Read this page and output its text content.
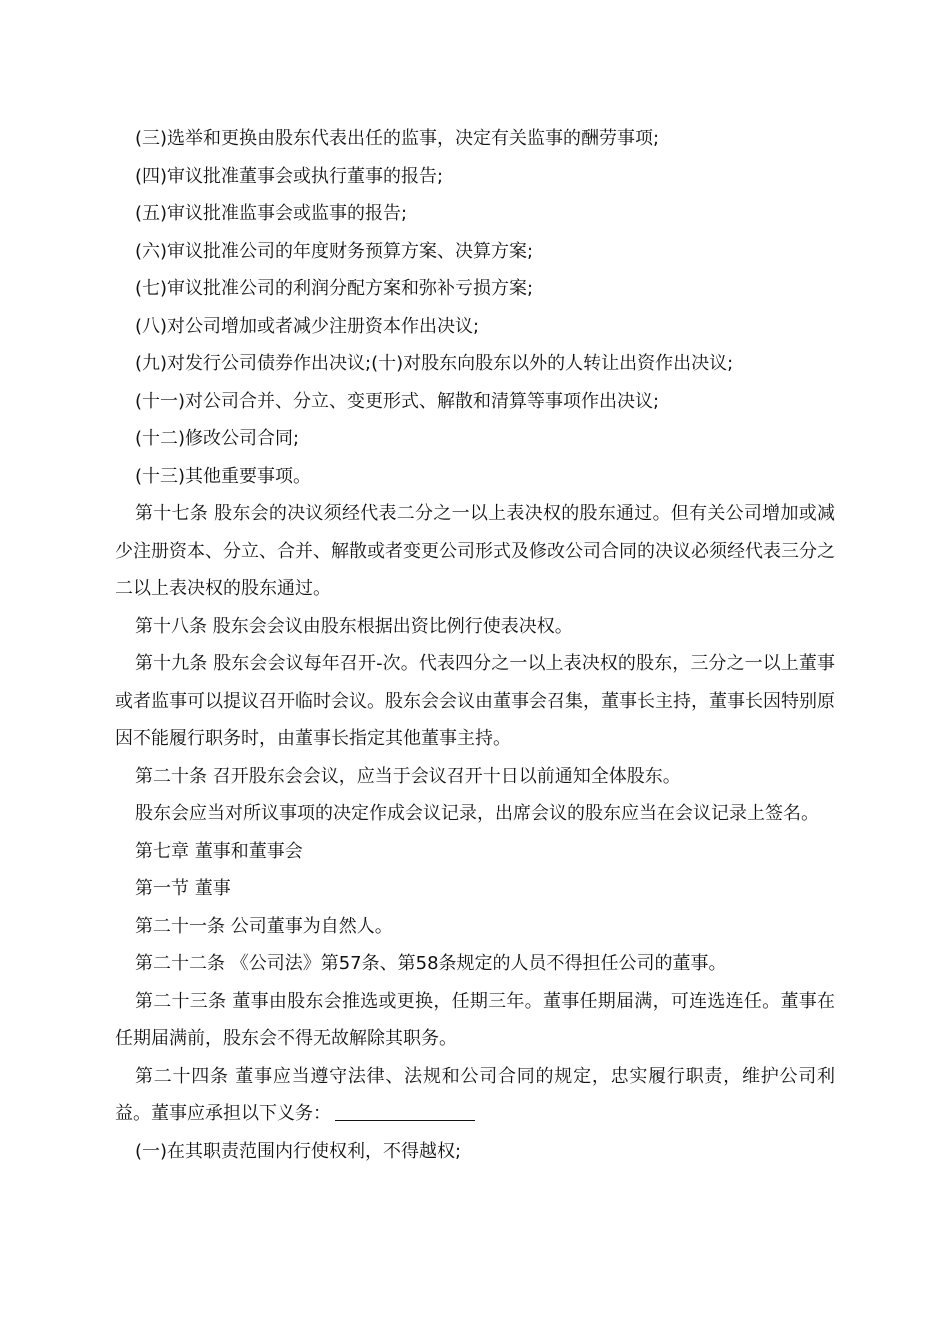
(三)选举和更换由股东代表出任的监事，决定有关监事的酬劳事项;

(四)审议批准董事会或执行董事的报告;

(五)审议批准监事会或监事的报告;

(六)审议批准公司的年度财务预算方案、决算方案;

(七)审议批准公司的利润分配方案和弥补亏损方案;

(八)对公司增加或者减少注册资本作出决议;

(九)对发行公司债券作出决议;(十)对股东向股东以外的人转让出资作出决议;

(十一)对公司合并、分立、变更形式、解散和清算等事项作出决议;

(十二)修改公司合同;

(十三)其他重要事项。

第十七条 股东会的决议须经代表二分之一以上表决权的股东通过。但有关公司增加或减少注册资本、分立、合并、解散或者变更公司形式及修改公司合同的决议必须经代表三分之二以上表决权的股东通过。

第十八条 股东会会议由股东根据出资比例行使表决权。

第十九条 股东会会议每年召开-次。代表四分之一以上表决权的股东，三分之一以上董事或者监事可以提议召开临时会议。股东会会议由董事会召集，董事长主持，董事长因特别原因不能履行职务时，由董事长指定其他董事主持。

第二十条 召开股东会会议，应当于会议召开十日以前通知全体股东。

股东会应当对所议事项的决定作成会议记录，出席会议的股东应当在会议记录上签名。

第七章 董事和董事会

第一节 董事

第二十一条 公司董事为自然人。

第二十二条 《公司法》第57条、第58条规定的人员不得担任公司的董事。

第二十三条 董事由股东会推选或更换，任期三年。董事任期届满，可连选连任。董事在任期届满前，股东会不得无故解除其职务。

第二十四条 董事应当遵守法律、法规和公司合同的规定，忠实履行职责，维护公司利益。董事应承担以下义务：

(一)在其职责范围内行使权利，不得越权;
